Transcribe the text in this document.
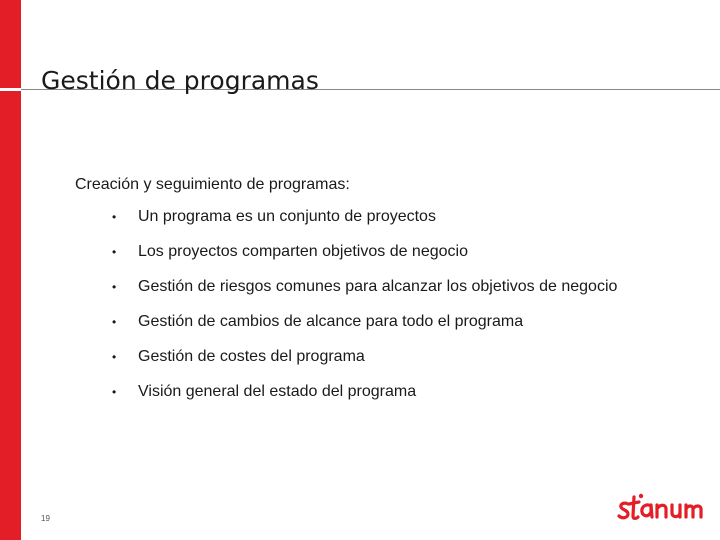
Gestión de programas
Creación y seguimiento de programas:
• Un programa es un conjunto de proyectos
• Los proyectos comparten objetivos de negocio
• Gestión de riesgos comunes para alcanzar los objetivos de negocio
• Gestión de cambios de alcance para todo el programa
• Gestión de costes del programa
• Visión general del estado del programa
19
